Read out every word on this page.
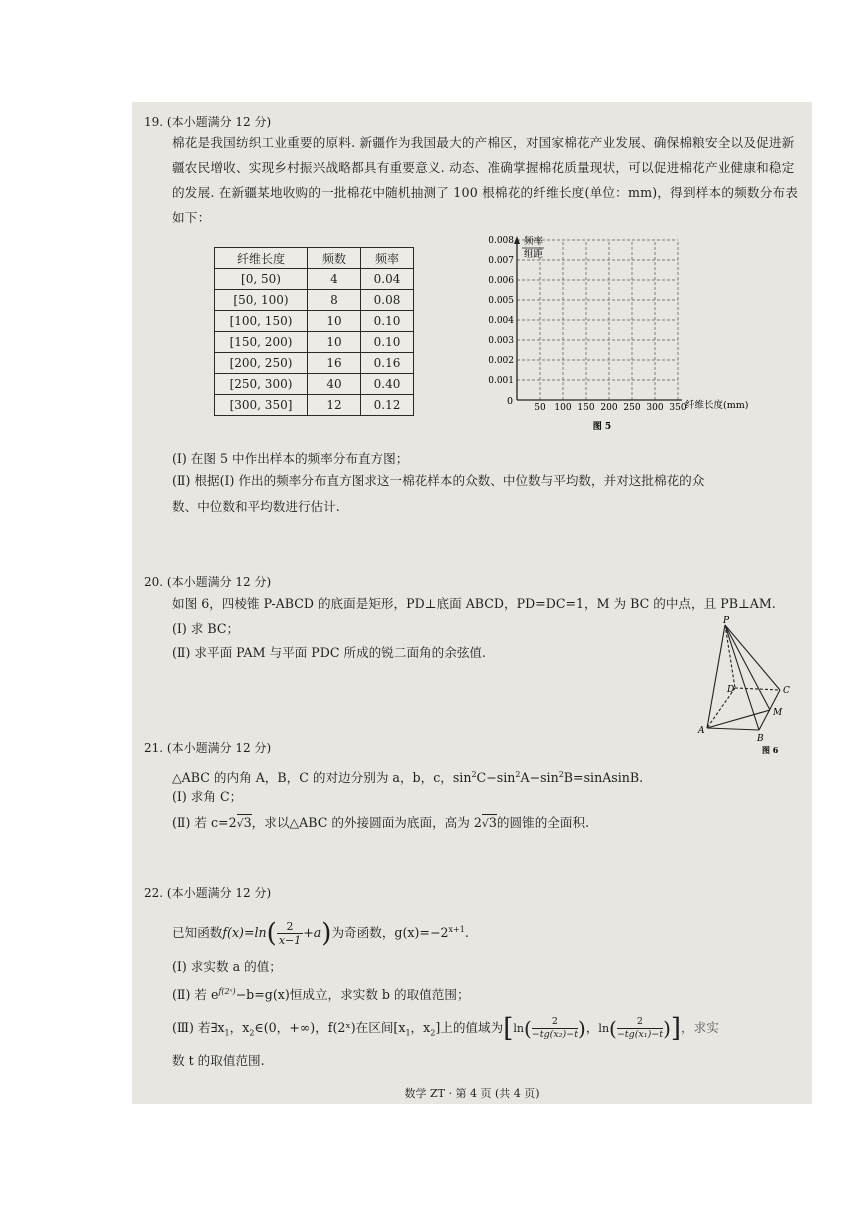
19. (本小题满分 12 分)
棉花是我国纺织工业重要的原料. 新疆作为我国最大的产棉区，对国家棉花产业发展、确保棉粮安全以及促进新疆农民增收、实现乡村振兴战略都具有重要意义. 动态、准确掌握棉花质量现状，可以促进棉花产业健康和稳定的发展. 在新疆某地收购的一批棉花中随机抽测了 100 根棉花的纤维长度(单位：mm)，得到样本的频数分布表如下：
纤维长度	频数	频率
[0, 50)	4	0.04
[50, 100)	8	0.08
[100, 150)	10	0.10
[150, 200)	10	0.10
[200, 250)	16	0.16
[250, 300)	40	0.40
[300, 350]	12	0.12
频率
组距
0
0.008
0.007
0.006
0.005
0.004
0.003
0.002
0.001
50 100 150 200 250 300 350
纤维长度(mm)
图 5
(Ⅰ) 在图 5 中作出样本的频率分布直方图；
(Ⅱ) 根据(Ⅰ) 作出的频率分布直方图求这一棉花样本的众数、中位数与平均数，并对这批棉花的众
数、中位数和平均数进行估计.
20. (本小题满分 12 分)
如图 6，四棱锥 P-ABCD 的底面是矩形，PD⊥底面 ABCD，PD=DC=1，M 为 BC 的中点，且 PB⊥AM.
(Ⅰ) 求 BC；
(Ⅱ) 求平面 PAM 与平面 PDC 所成的锐二面角的余弦值.
P
A
B
C
D
M
图 6
21. (本小题满分 12 分)
△ABC 的内角 A，B，C 的对边分别为 a，b，c，$\sin^2C-\sin^2A-\sin^2B=sinAsinB$.
(Ⅰ) 求角 C；
(Ⅱ) 若 c=2√3，求以△ABC 的外接圆面为底面，高为 2√3的圆锥的全面积.
22. (本小题满分 12 分)
已知函数$f(x)=\ln( \frac{2}{x-1} +a)$为奇函数，$g(x)=-2^{x+1}$.
(Ⅰ) 求实数 a 的值；
(Ⅱ) 若 $e^{f(2ˣ)}-b=g(x)$恒成立，求实数 b 的取值范围；
(Ⅲ) 若$\exists x_1$，$x_2\in(0$，+∞)，f(2ˣ)在区间[$x_1$，$x_2$]上的值域为[$\ln( \frac{2}{\text{−tg(x₂)−t}}$ )，$\ln( \frac{2}{\text{−tg(x₁)−t}}$ )]，求实
数 t 的取值范围.
数学 ZT · 第 4 页 (共 4 页)
